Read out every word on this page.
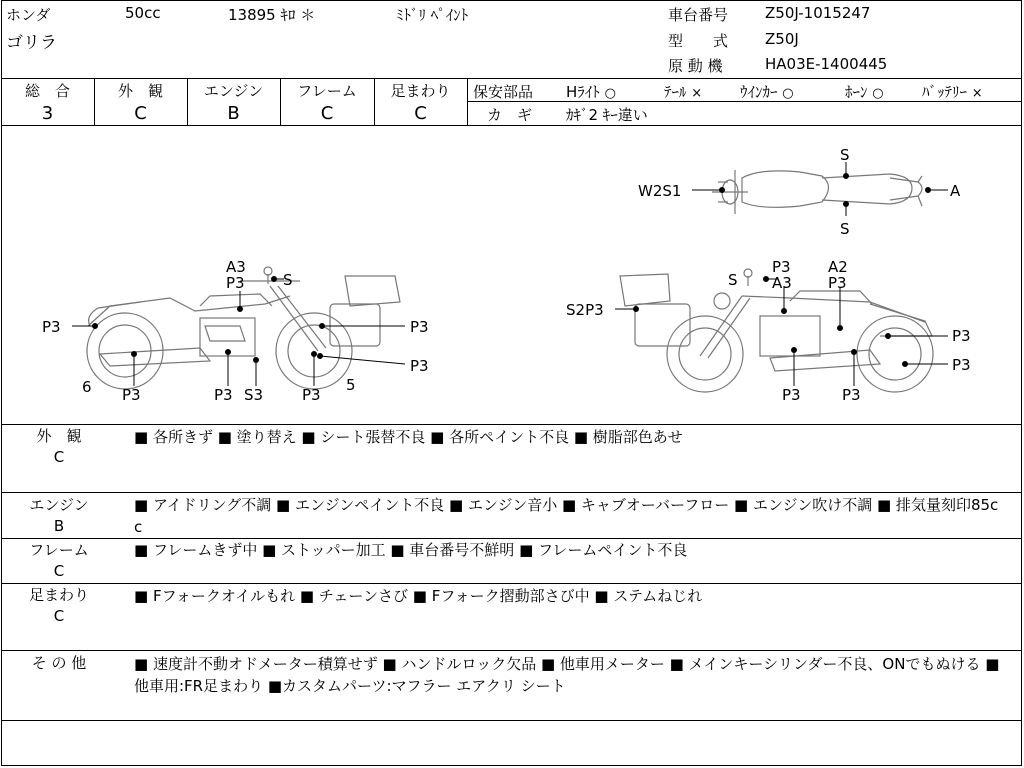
ホンダ	50cc	13895 ｷﾛ ＊	ﾐﾄﾞﾘ ﾍﾟｲﾝﾄ
ゴリラ
車台番号 Z50J-1015247
型　　式 Z50J
原 動 機	HA03E-1400445
総　合
3
外　観
C
エンジン
B
フレーム
C
足まわり
C
保安部品 Hﾗｲﾄ ○	ﾃｰﾙ ×	ｳｲﾝｶｰ ○	ﾎｰﾝ ○	ﾊﾞｯﾃﾘｰ ×
カ　ギ ｶｷﾞ2 ｷｰ違い
W2S1	A
S
S
A3
P3	S
P3	P3
P3
6 P3	P3 S3	P3
5
S
P3
A3
A2
P3
S2P3
P3
P3
P3	P3
外　観
C
■ 各所きず ■ 塗り替え ■ シート張替不良 ■ 各所ペイント不良 ■ 樹脂部色あせ
エンジン
B
■ アイドリング不調 ■ エンジンペイント不良 ■ エンジン音小 ■ キャブオーバーフロー ■ エンジン吹け不調 ■ 排気量刻印85cc
フレーム
C
■ フレームきず中 ■ ストッパー加工 ■ 車台番号不鮮明 ■ フレームペイント不良
足まわり
C
■ Fフォークオイルもれ ■ チェーンさび ■ Fフォーク摺動部さび中 ■ ステムねじれ
そ の 他	■ 速度計不動オドメーター積算せず ■ ハンドルロック欠品 ■ 他車用メーター ■ メインキーシリンダー不良、ONでもぬける ■他車用:FR足まわり ■カスタムパーツ:マフラー エアクリ シート
